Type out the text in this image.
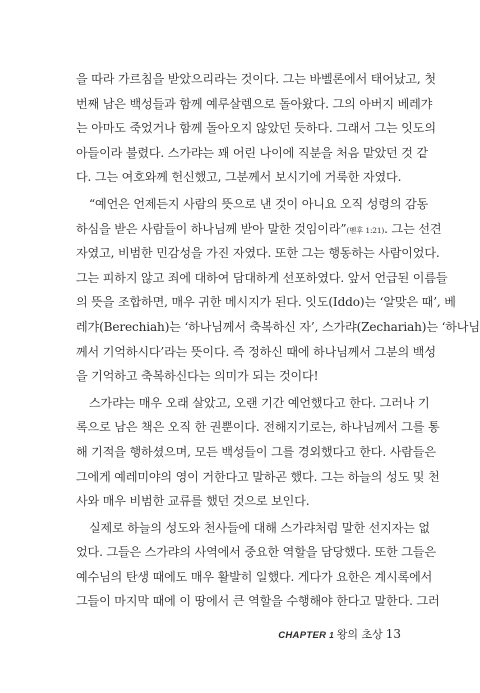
을 따라 가르침을 받았으리라는 것이다. 그는 바벨론에서 태어났고, 첫
번째 남은 백성들과 함께 예루살렘으로 돌아왔다. 그의 아버지 베레갸
는 아마도 죽었거나 함께 돌아오지 않았던 듯하다. 그래서 그는 잇도의
아들이라 불렸다. 스가랴는 꽤 어린 나이에 직분을 처음 맡았던 것 같
다. 그는 여호와께 헌신했고, 그분께서 보시기에 거룩한 자였다.
“예언은 언제든지 사람의 뜻으로 낸 것이 아니요 오직 성령의 감동
하심을 받은 사람들이 하나님께 받아 말한 것임이라”(벧후 1:21). 그는 선견
자였고, 비범한 민감성을 가진 자였다. 또한 그는 행동하는 사람이었다.
그는 피하지 않고 죄에 대하여 담대하게 선포하였다. 앞서 언급된 이름들
의 뜻을 조합하면, 매우 귀한 메시지가 된다. 잇도(Iddo)는 ‘알맞은 때’, 베
레갸(Berechiah)는 ‘하나님께서 축복하신 자’, 스가랴(Zechariah)는 ‘하나님
께서 기억하시다’라는 뜻이다. 즉 정하신 때에 하나님께서 그분의 백성
을 기억하고 축복하신다는 의미가 되는 것이다!
스가랴는 매우 오래 살았고, 오랜 기간 예언했다고 한다. 그러나 기
록으로 남은 책은 오직 한 권뿐이다. 전해지기로는, 하나님께서 그를 통
해 기적을 행하셨으며, 모든 백성들이 그를 경외했다고 한다. 사람들은
그에게 예레미야의 영이 거한다고 말하곤 했다. 그는 하늘의 성도 및 천
사와 매우 비범한 교류를 했던 것으로 보인다.
실제로 하늘의 성도와 천사들에 대해 스가랴처럼 말한 선지자는 없
었다. 그들은 스가랴의 사역에서 중요한 역할을 담당했다. 또한 그들은
예수님의 탄생 때에도 매우 활발히 일했다. 게다가 요한은 계시록에서
그들이 마지막 때에 이 땅에서 큰 역할을 수행해야 한다고 말한다. 그러
CHAPTER 1 왕의 초상 13
